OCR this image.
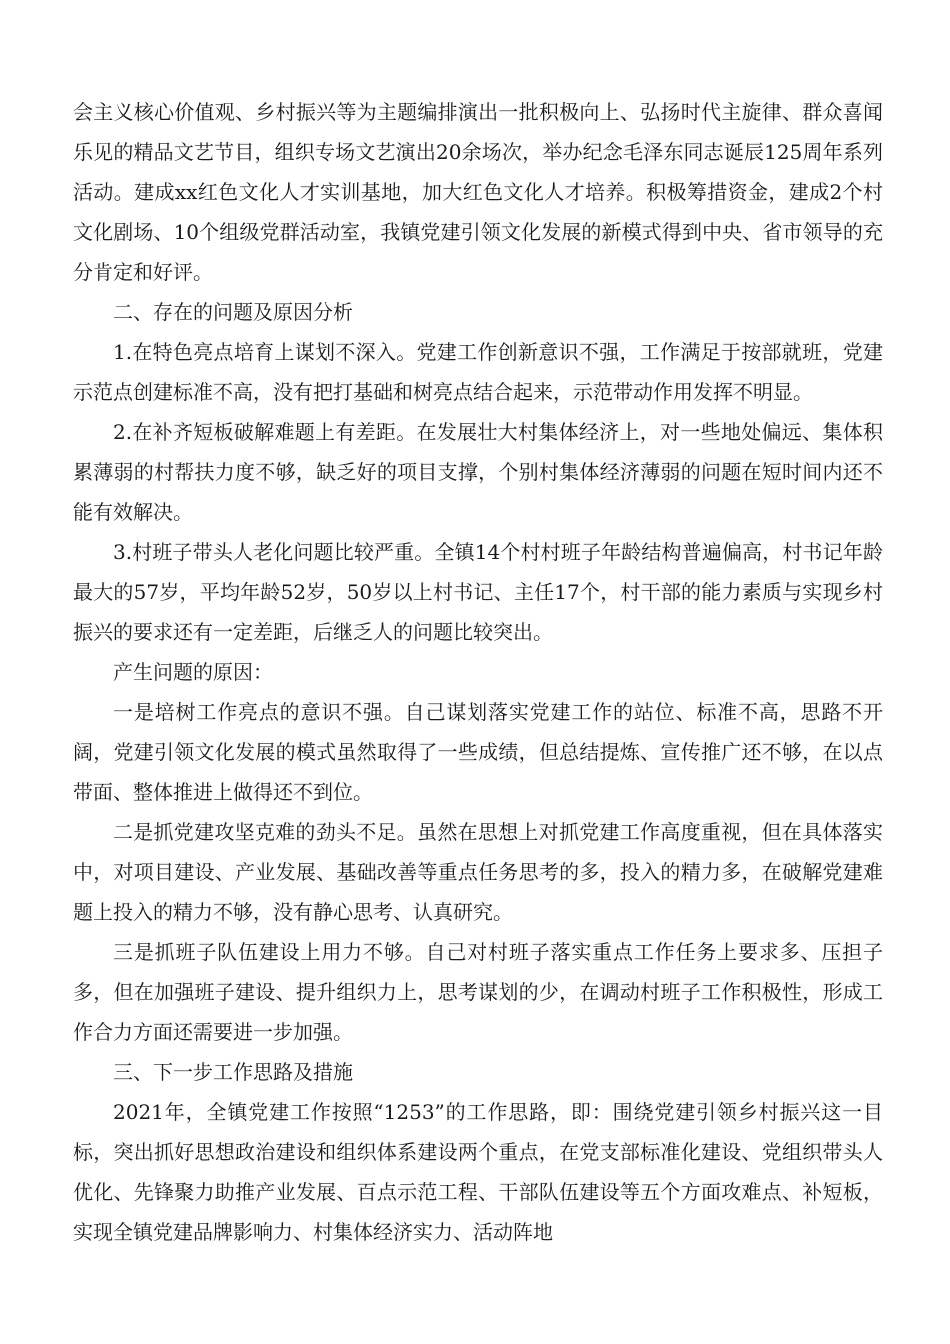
会主义核心价值观、乡村振兴等为主题编排演出一批积极向上、弘扬时代主旋律、群众喜闻乐见的精品文艺节目，组织专场文艺演出20余场次，举办纪念毛泽东同志诞辰125周年系列活动。建成xx红色文化人才实训基地，加大红色文化人才培养。积极筹措资金，建成2个村文化剧场、10个组级党群活动室，我镇党建引领文化发展的新模式得到中央、省市领导的充分肯定和好评。

二、存在的问题及原因分析

1.在特色亮点培育上谋划不深入。党建工作创新意识不强，工作满足于按部就班，党建示范点创建标准不高，没有把打基础和树亮点结合起来，示范带动作用发挥不明显。

2.在补齐短板破解难题上有差距。在发展壮大村集体经济上，对一些地处偏远、集体积累薄弱的村帮扶力度不够，缺乏好的项目支撑，个别村集体经济薄弱的问题在短时间内还不能有效解决。

3.村班子带头人老化问题比较严重。全镇14个村村班子年龄结构普遍偏高，村书记年龄最大的57岁，平均年龄52岁，50岁以上村书记、主任17个，村干部的能力素质与实现乡村振兴的要求还有一定差距，后继乏人的问题比较突出。

产生问题的原因：

一是培树工作亮点的意识不强。自己谋划落实党建工作的站位、标准不高，思路不开阔，党建引领文化发展的模式虽然取得了一些成绩，但总结提炼、宣传推广还不够，在以点带面、整体推进上做得还不到位。

二是抓党建攻坚克难的劲头不足。虽然在思想上对抓党建工作高度重视，但在具体落实中，对项目建设、产业发展、基础改善等重点任务思考的多，投入的精力多，在破解党建难题上投入的精力不够，没有静心思考、认真研究。

三是抓班子队伍建设上用力不够。自己对村班子落实重点工作任务上要求多、压担子多，但在加强班子建设、提升组织力上，思考谋划的少，在调动村班子工作积极性，形成工作合力方面还需要进一步加强。

三、下一步工作思路及措施

2021年，全镇党建工作按照“1253”的工作思路，即：围绕党建引领乡村振兴这一目标，突出抓好思想政治建设和组织体系建设两个重点，在党支部标准化建设、党组织带头人优化、先锋聚力助推产业发展、百点示范工程、干部队伍建设等五个方面攻难点、补短板，实现全镇党建品牌影响力、村集体经济实力、活动阵地
